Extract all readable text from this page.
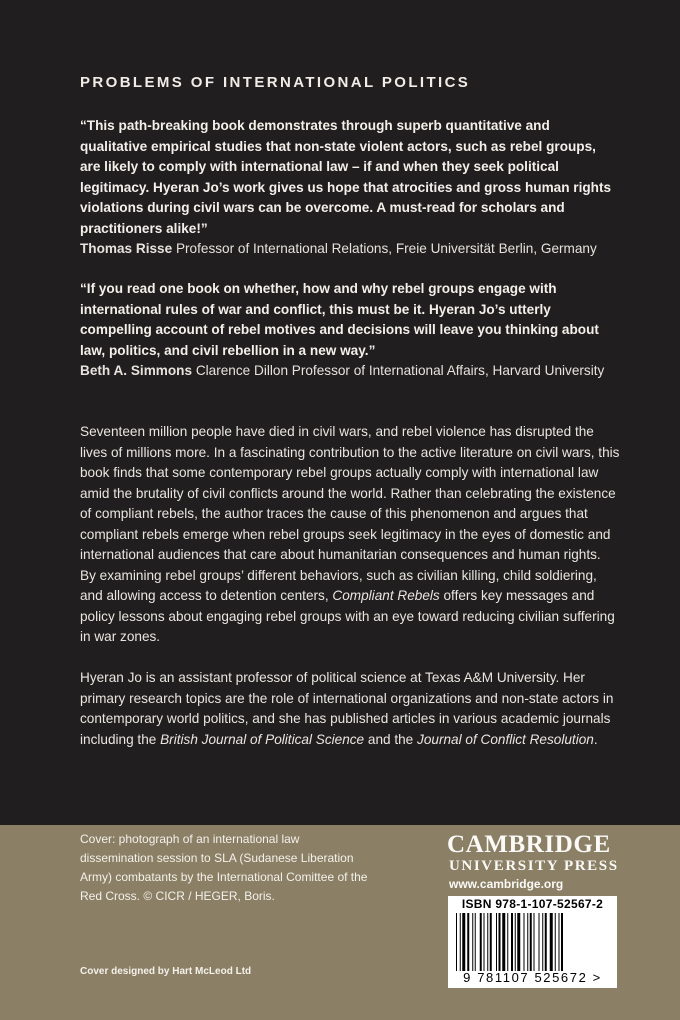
PROBLEMS OF INTERNATIONAL POLITICS
“This path-breaking book demonstrates through superb quantitative and qualitative empirical studies that non-state violent actors, such as rebel groups, are likely to comply with international law – if and when they seek political legitimacy. Hyeran Jo’s work gives us hope that atrocities and gross human rights violations during civil wars can be overcome. A must-read for scholars and practitioners alike!”
Thomas Risse Professor of International Relations, Freie Universität Berlin, Germany
“If you read one book on whether, how and why rebel groups engage with international rules of war and conflict, this must be it. Hyeran Jo’s utterly compelling account of rebel motives and decisions will leave you thinking about law, politics, and civil rebellion in a new way.”
Beth A. Simmons Clarence Dillon Professor of International Affairs, Harvard University
Seventeen million people have died in civil wars, and rebel violence has disrupted the lives of millions more. In a fascinating contribution to the active literature on civil wars, this book finds that some contemporary rebel groups actually comply with international law amid the brutality of civil conflicts around the world. Rather than celebrating the existence of compliant rebels, the author traces the cause of this phenomenon and argues that compliant rebels emerge when rebel groups seek legitimacy in the eyes of domestic and international audiences that care about humanitarian consequences and human rights. By examining rebel groups’ different behaviors, such as civilian killing, child soldiering, and allowing access to detention centers, Compliant Rebels offers key messages and policy lessons about engaging rebel groups with an eye toward reducing civilian suffering in war zones.
Hyeran Jo is an assistant professor of political science at Texas A&M University. Her primary research topics are the role of international organizations and non-state actors in contemporary world politics, and she has published articles in various academic journals including the British Journal of Political Science and the Journal of Conflict Resolution.
Cover: photograph of an international law dissemination session to SLA (Sudanese Liberation Army) combatants by the International Comittee of the Red Cross. © CICR / HEGER, Boris.
Cover designed by Hart McLeod Ltd
CAMBRIDGE
UNIVERSITY PRESS
www.cambridge.org
ISBN 978-1-107-52567-2
9 781107 525672 >
